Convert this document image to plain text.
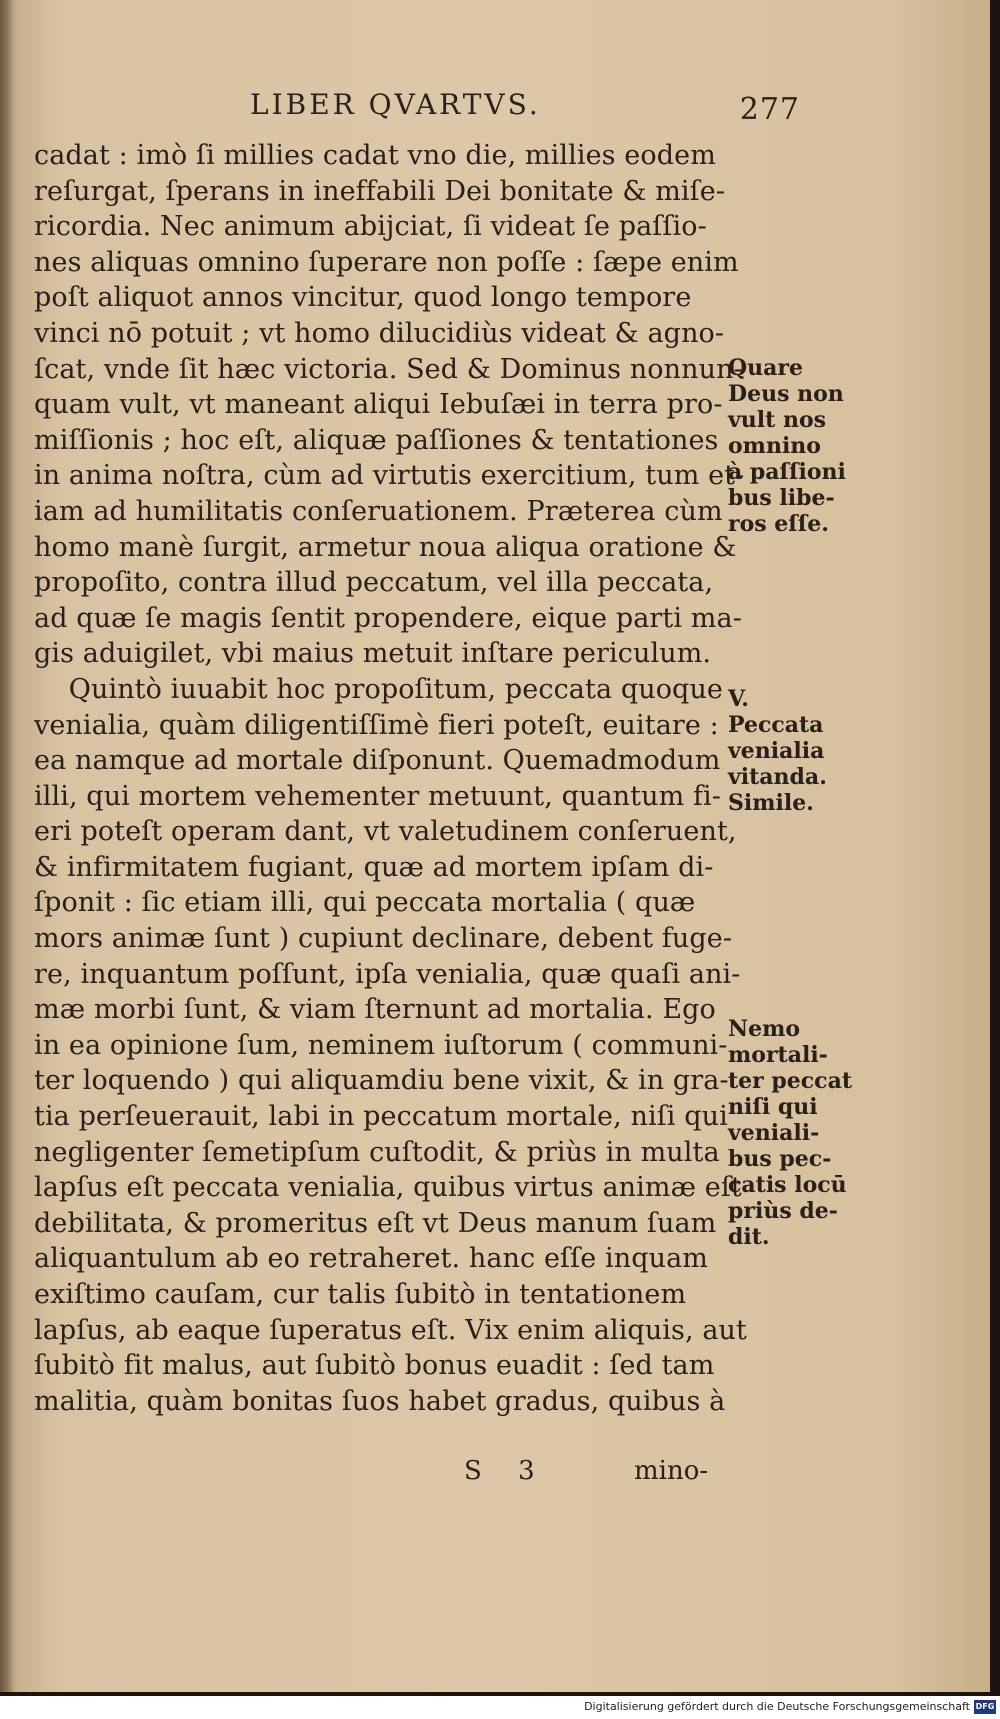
LIBER QVARTVS.	277
cadat : imò ſi millies cadat vno die, millies eodem
reſurgat, ſperans in ineffabili Dei bonitate & miſe-
ricordia. Nec animum abijciat, ſi videat ſe paſſio-
nes aliquas omnino ſuperare non poſſe : ſæpe enim
poſt aliquot annos vincitur, quod longo tempore
vinci nō potuit ; vt homo dilucidiùs videat & agno-
ſcat, vnde ſit hæc victoria. Sed & Dominus nonnun-
quam vult, vt maneant aliqui Iebuſæi in terra pro-
miſſionis ; hoc eſt, aliquæ paſſiones & tentationes
in anima noſtra, cùm ad virtutis exercitium, tum et-
iam ad humilitatis conſeruationem. Præterea cùm
homo manè ſurgit, armetur noua aliqua oratione &
propoſito, contra illud peccatum, vel illa peccata,
ad quæ ſe magis ſentit propendere, eique parti ma-
gis aduigilet, vbi maius metuit inſtare periculum.
Quintò iuuabit hoc propoſitum, peccata quoque
venialia, quàm diligentiſſimè fieri poteſt, euitare :
ea namque ad mortale diſponunt. Quemadmodum
illi, qui mortem vehementer metuunt, quantum fi-
eri poteſt operam dant, vt valetudinem conſeruent,
& infirmitatem fugiant, quæ ad mortem ipſam di-
ſponit : ſic etiam illi, qui peccata mortalia ( quæ
mors animæ ſunt ) cupiunt declinare, debent fuge-
re, inquantum poſſunt, ipſa venialia, quæ quaſi ani-
mæ morbi ſunt, & viam ſternunt ad mortalia. Ego
in ea opinione ſum, neminem iuſtorum ( communi-
ter loquendo ) qui aliquamdiu bene vixit, & in gra-
tia perſeuerauit, labi in peccatum mortale, niſi qui
negligenter ſemetipſum cuſtodit, & priùs in multa
lapſus eſt peccata venialia, quibus virtus animæ eſt
debilitata, & promeritus eſt vt Deus manum ſuam
aliquantulum ab eo retraheret. hanc eſſe inquam
exiſtimo cauſam, cur talis ſubitò in tentationem
lapſus, ab eaque ſuperatus eſt. Vix enim aliquis, aut
ſubitò fit malus, aut ſubitò bonus euadit : ſed tam
malitia, quàm bonitas ſuos habet gradus, quibus à
Quare
Deus non
vult nos
omnino
à paſſioni
bus libe-
ros eſſe.
V.
Peccata
venialia
vitanda.
Simile.
Nemo
mortali-
ter peccat
niſi qui
veniali-
bus pec-
catis locū
priùs de-
dit.
S 3	mino-
Digitalisierung gefördert durch die Deutsche Forschungsgemeinschaft DFG
